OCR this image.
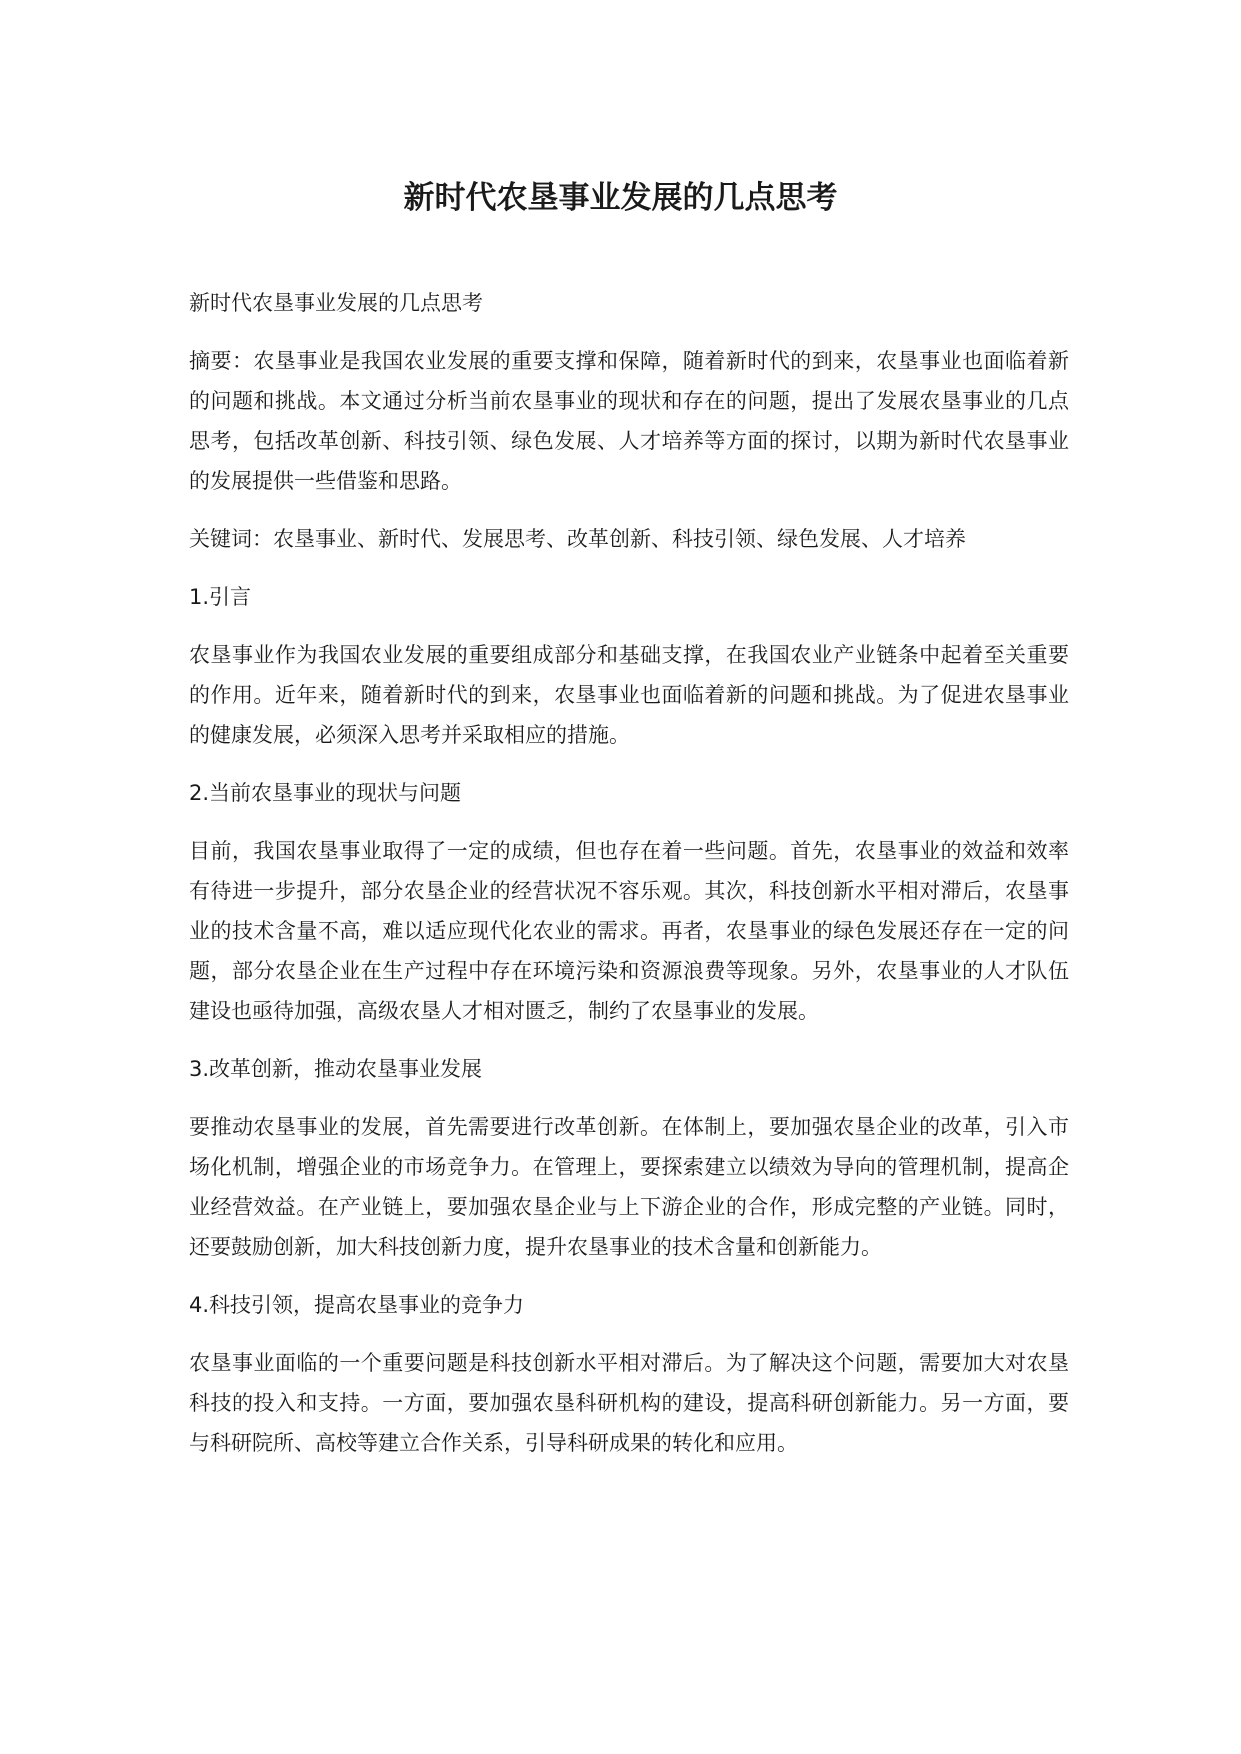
新时代农垦事业发展的几点思考

新时代农垦事业发展的几点思考

摘要：农垦事业是我国农业发展的重要支撑和保障，随着新时代的到来，农垦事业也面临着新的问题和挑战。本文通过分析当前农垦事业的现状和存在的问题，提出了发展农垦事业的几点思考，包括改革创新、科技引领、绿色发展、人才培养等方面的探讨，以期为新时代农垦事业的发展提供一些借鉴和思路。

关键词：农垦事业、新时代、发展思考、改革创新、科技引领、绿色发展、人才培养

1.引言

农垦事业作为我国农业发展的重要组成部分和基础支撑，在我国农业产业链条中起着至关重要的作用。近年来，随着新时代的到来，农垦事业也面临着新的问题和挑战。为了促进农垦事业的健康发展，必须深入思考并采取相应的措施。

2.当前农垦事业的现状与问题

目前，我国农垦事业取得了一定的成绩，但也存在着一些问题。首先，农垦事业的效益和效率有待进一步提升，部分农垦企业的经营状况不容乐观。其次，科技创新水平相对滞后，农垦事业的技术含量不高，难以适应现代化农业的需求。再者，农垦事业的绿色发展还存在一定的问题，部分农垦企业在生产过程中存在环境污染和资源浪费等现象。另外，农垦事业的人才队伍建设也亟待加强，高级农垦人才相对匮乏，制约了农垦事业的发展。

3.改革创新，推动农垦事业发展

要推动农垦事业的发展，首先需要进行改革创新。在体制上，要加强农垦企业的改革，引入市场化机制，增强企业的市场竞争力。在管理上，要探索建立以绩效为导向的管理机制，提高企业经营效益。在产业链上，要加强农垦企业与上下游企业的合作，形成完整的产业链。同时，还要鼓励创新，加大科技创新力度，提升农垦事业的技术含量和创新能力。

4.科技引领，提高农垦事业的竞争力

农垦事业面临的一个重要问题是科技创新水平相对滞后。为了解决这个问题，需要加大对农垦科技的投入和支持。一方面，要加强农垦科研机构的建设，提高科研创新能力。另一方面，要与科研院所、高校等建立合作关系，引导科研成果的转化和应用。
